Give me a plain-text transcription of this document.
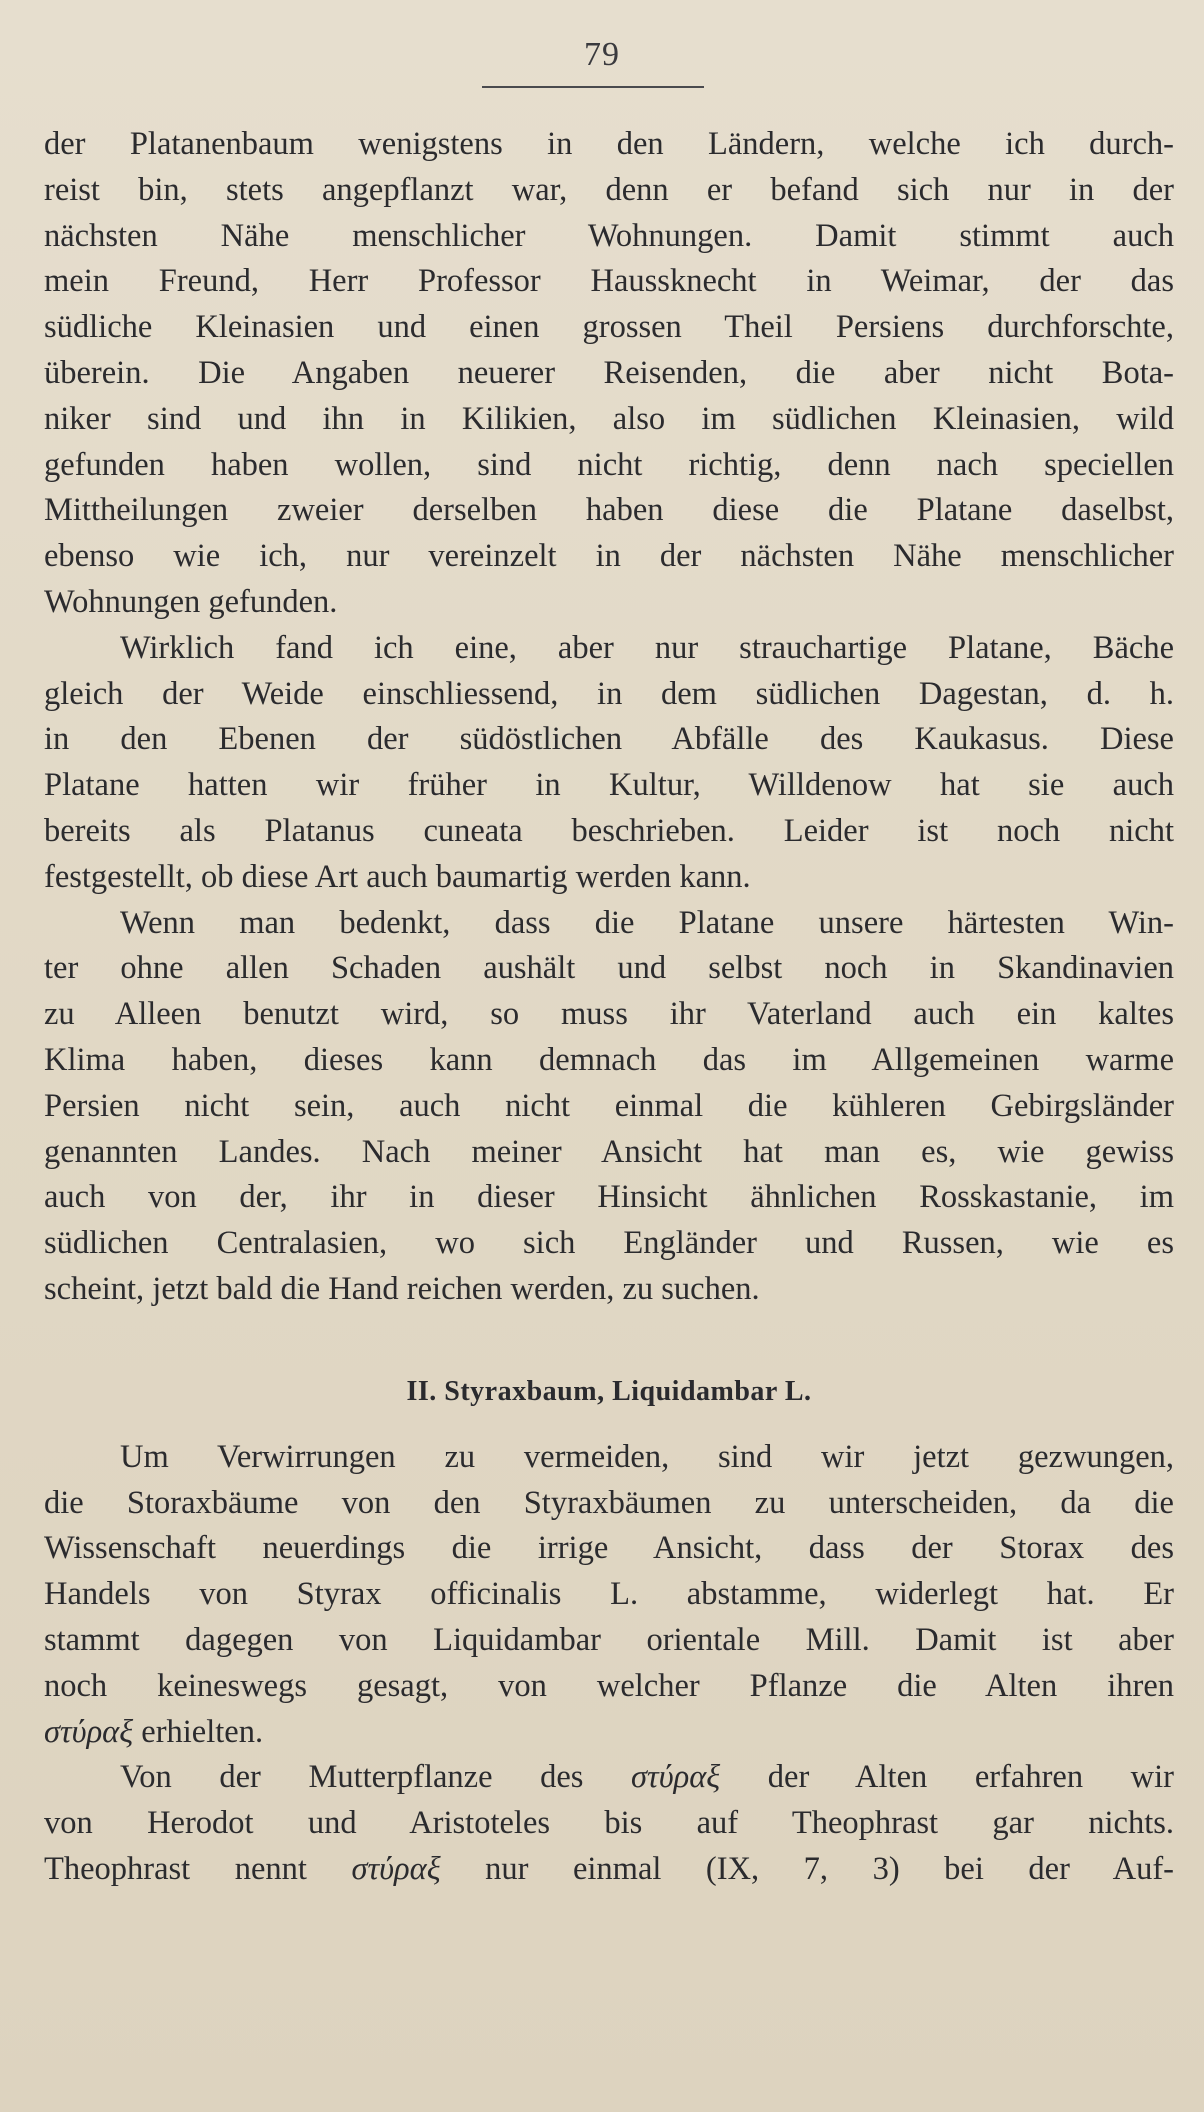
79
der Platanenbaum wenigstens in den Ländern, welche ich durch-
reist bin, stets angepflanzt war, denn er befand sich nur in der
nächsten Nähe menschlicher Wohnungen. Damit stimmt auch
mein Freund, Herr Professor Haussknecht in Weimar, der das
südliche Kleinasien und einen grossen Theil Persiens durchforschte,
überein. Die Angaben neuerer Reisenden, die aber nicht Bota-
niker sind und ihn in Kilikien, also im südlichen Kleinasien, wild
gefunden haben wollen, sind nicht richtig, denn nach speciellen
Mittheilungen zweier derselben haben diese die Platane daselbst,
ebenso wie ich, nur vereinzelt in der nächsten Nähe menschlicher
Wohnungen gefunden.
Wirklich fand ich eine, aber nur strauchartige Platane, Bäche
gleich der Weide einschliessend, in dem südlichen Dagestan, d. h.
in den Ebenen der südöstlichen Abfälle des Kaukasus. Diese
Platane hatten wir früher in Kultur, Willdenow hat sie auch
bereits als Platanus cuneata beschrieben. Leider ist noch nicht
festgestellt, ob diese Art auch baumartig werden kann.
Wenn man bedenkt, dass die Platane unsere härtesten Win-
ter ohne allen Schaden aushält und selbst noch in Skandinavien
zu Alleen benutzt wird, so muss ihr Vaterland auch ein kaltes
Klima haben, dieses kann demnach das im Allgemeinen warme
Persien nicht sein, auch nicht einmal die kühleren Gebirgsländer
genannten Landes. Nach meiner Ansicht hat man es, wie gewiss
auch von der, ihr in dieser Hinsicht ähnlichen Rosskastanie, im
südlichen Centralasien, wo sich Engländer und Russen, wie es
scheint, jetzt bald die Hand reichen werden, zu suchen.
II. Styraxbaum, Liquidambar L.
Um Verwirrungen zu vermeiden, sind wir jetzt gezwungen,
die Storaxbäume von den Styraxbäumen zu unterscheiden, da die
Wissenschaft neuerdings die irrige Ansicht, dass der Storax des
Handels von Styrax officinalis L. abstamme, widerlegt hat. Er
stammt dagegen von Liquidambar orientale Mill. Damit ist aber
noch keineswegs gesagt, von welcher Pflanze die Alten ihren
στύραξ erhielten.
Von der Mutterpflanze des στύραξ der Alten erfahren wir
von Herodot und Aristoteles bis auf Theophrast gar nichts.
Theophrast nennt στύραξ nur einmal (IX, 7, 3) bei der Auf-
